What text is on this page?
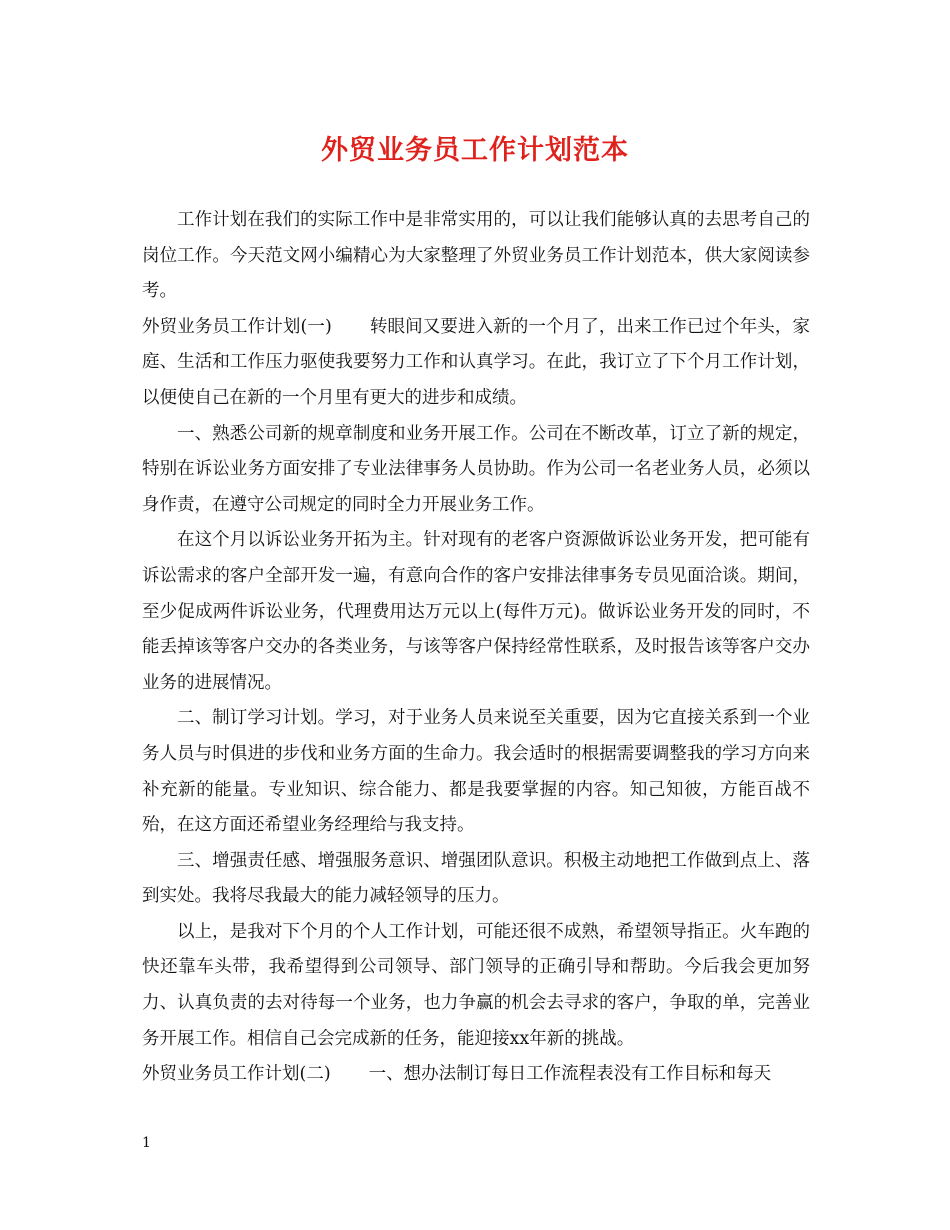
外贸业务员工作计划范本

工作计划在我们的实际工作中是非常实用的，可以让我们能够认真的去思考自己的岗位工作。今天范文网小编精心为大家整理了外贸业务员工作计划范本，供大家阅读参考。

外贸业务员工作计划(一) 转眼间又要进入新的一个月了，出来工作已过个年头，家庭、生活和工作压力驱使我要努力工作和认真学习。在此，我订立了下个月工作计划，以便使自己在新的一个月里有更大的进步和成绩。

一、熟悉公司新的规章制度和业务开展工作。公司在不断改革，订立了新的规定，特别在诉讼业务方面安排了专业法律事务人员协助。作为公司一名老业务人员，必须以身作责，在遵守公司规定的同时全力开展业务工作。

在这个月以诉讼业务开拓为主。针对现有的老客户资源做诉讼业务开发，把可能有诉讼需求的客户全部开发一遍，有意向合作的客户安排法律事务专员见面洽谈。期间，至少促成两件诉讼业务，代理费用达万元以上(每件万元)。做诉讼业务开发的同时，不能丢掉该等客户交办的各类业务，与该等客户保持经常性联系，及时报告该等客户交办业务的进展情况。

二、制订学习计划。学习，对于业务人员来说至关重要，因为它直接关系到一个业务人员与时俱进的步伐和业务方面的生命力。我会适时的根据需要调整我的学习方向来补充新的能量。专业知识、综合能力、都是我要掌握的内容。知己知彼，方能百战不殆，在这方面还希望业务经理给与我支持。

三、增强责任感、增强服务意识、增强团队意识。积极主动地把工作做到点上、落到实处。我将尽我最大的能力减轻领导的压力。

以上，是我对下个月的个人工作计划，可能还很不成熟，希望领导指正。火车跑的快还靠车头带，我希望得到公司领导、部门领导的正确引导和帮助。今后我会更加努力、认真负责的去对待每一个业务，也力争赢的机会去寻求的客户，争取的单，完善业务开展工作。相信自己会完成新的任务，能迎接xx年新的挑战。

外贸业务员工作计划(二) 一、想办法制订每日工作流程表没有工作目标和每天

1
